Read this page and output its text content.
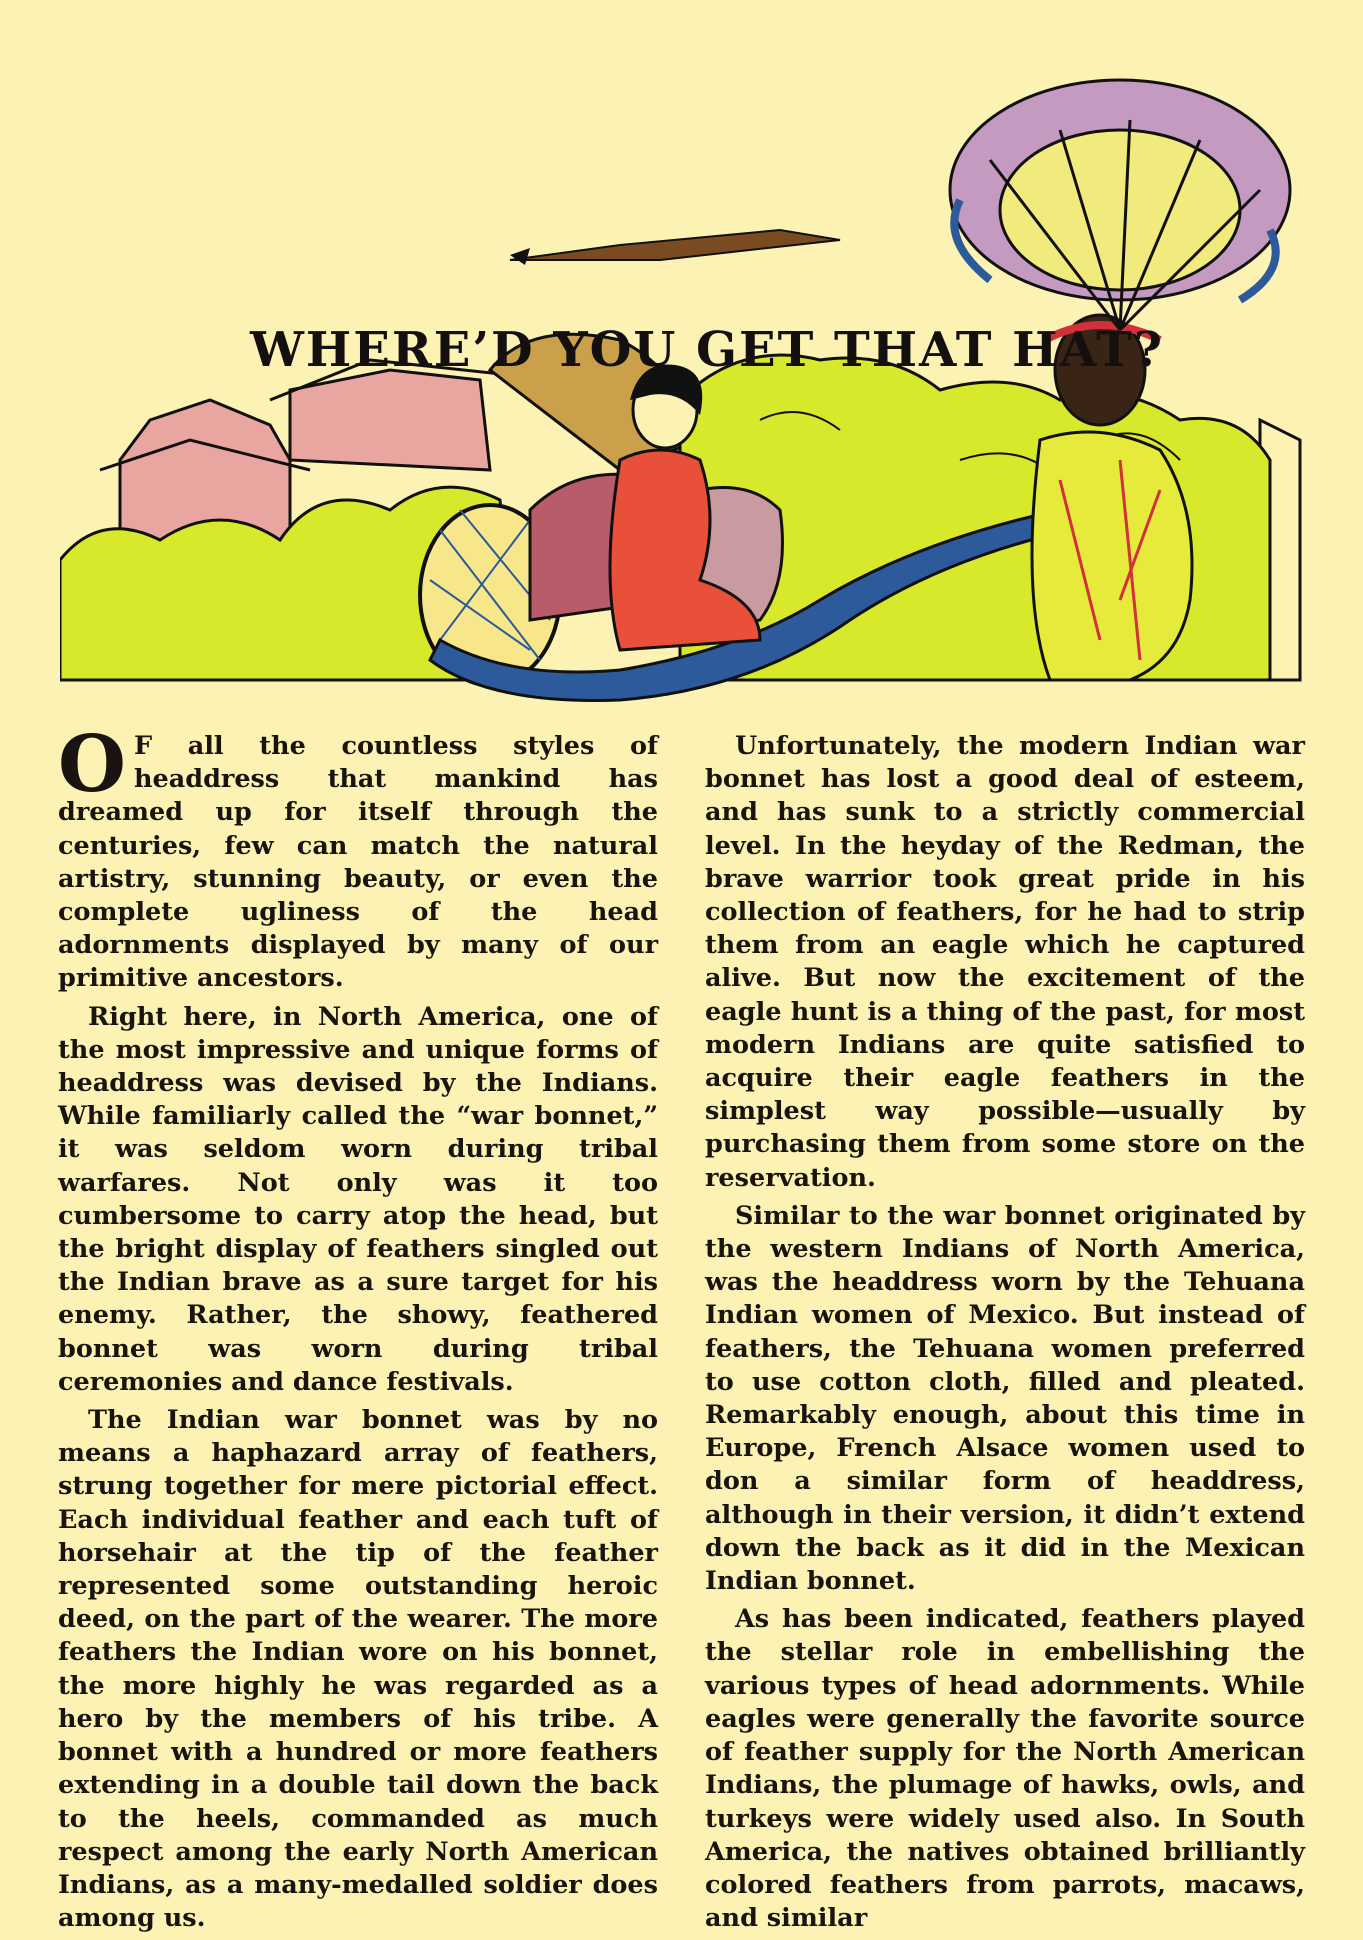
WHERE’D YOU GET THAT HAT?

O F all the countless styles of headdress that mankind has dreamed up for itself through the centuries, few can match the natural artistry, stunning beauty, or even the complete ugliness of the head adornments displayed by many of our primitive ancestors.

Right here, in North America, one of the most impressive and unique forms of headdress was devised by the Indians. While familiarly called the “war bonnet,” it was seldom worn during tribal warfares. Not only was it too cumbersome to carry atop the head, but the bright display of feathers singled out the Indian brave as a sure target for his enemy. Rather, the showy, feathered bonnet was worn during tribal ceremonies and dance festivals.

The Indian war bonnet was by no means a haphazard array of feathers, strung together for mere pictorial effect. Each individual feather and each tuft of horsehair at the tip of the feather represented some outstanding heroic deed, on the part of the wearer. The more feathers the Indian wore on his bonnet, the more highly he was regarded as a hero by the members of his tribe. A bonnet with a hundred or more feathers extending in a double tail down the back to the heels, commanded as much respect among the early North American Indians, as a many-medalled soldier does among us.

Unfortunately, the modern Indian war bonnet has lost a good deal of esteem, and has sunk to a strictly commercial level. In the heyday of the Redman, the brave warrior took great pride in his collection of feathers, for he had to strip them from an eagle which he captured alive. But now the excitement of the eagle hunt is a thing of the past, for most modern Indians are quite satisfied to acquire their eagle feathers in the simplest way possible—usually by purchasing them from some store on the reservation.

Similar to the war bonnet originated by the western Indians of North America, was the headdress worn by the Tehuana Indian women of Mexico. But instead of feathers, the Tehuana women preferred to use cotton cloth, filled and pleated. Remarkably enough, about this time in Europe, French Alsace women used to don a similar form of headdress, although in their version, it didn’t extend down the back as it did in the Mexican Indian bonnet.

As has been indicated, feathers played the stellar role in embellishing the various types of head adornments. While eagles were generally the favorite source of feather supply for the North American Indians, the plumage of hawks, owls, and turkeys were widely used also. In South America, the natives obtained brilliantly colored feathers from parrots, macaws, and similar
